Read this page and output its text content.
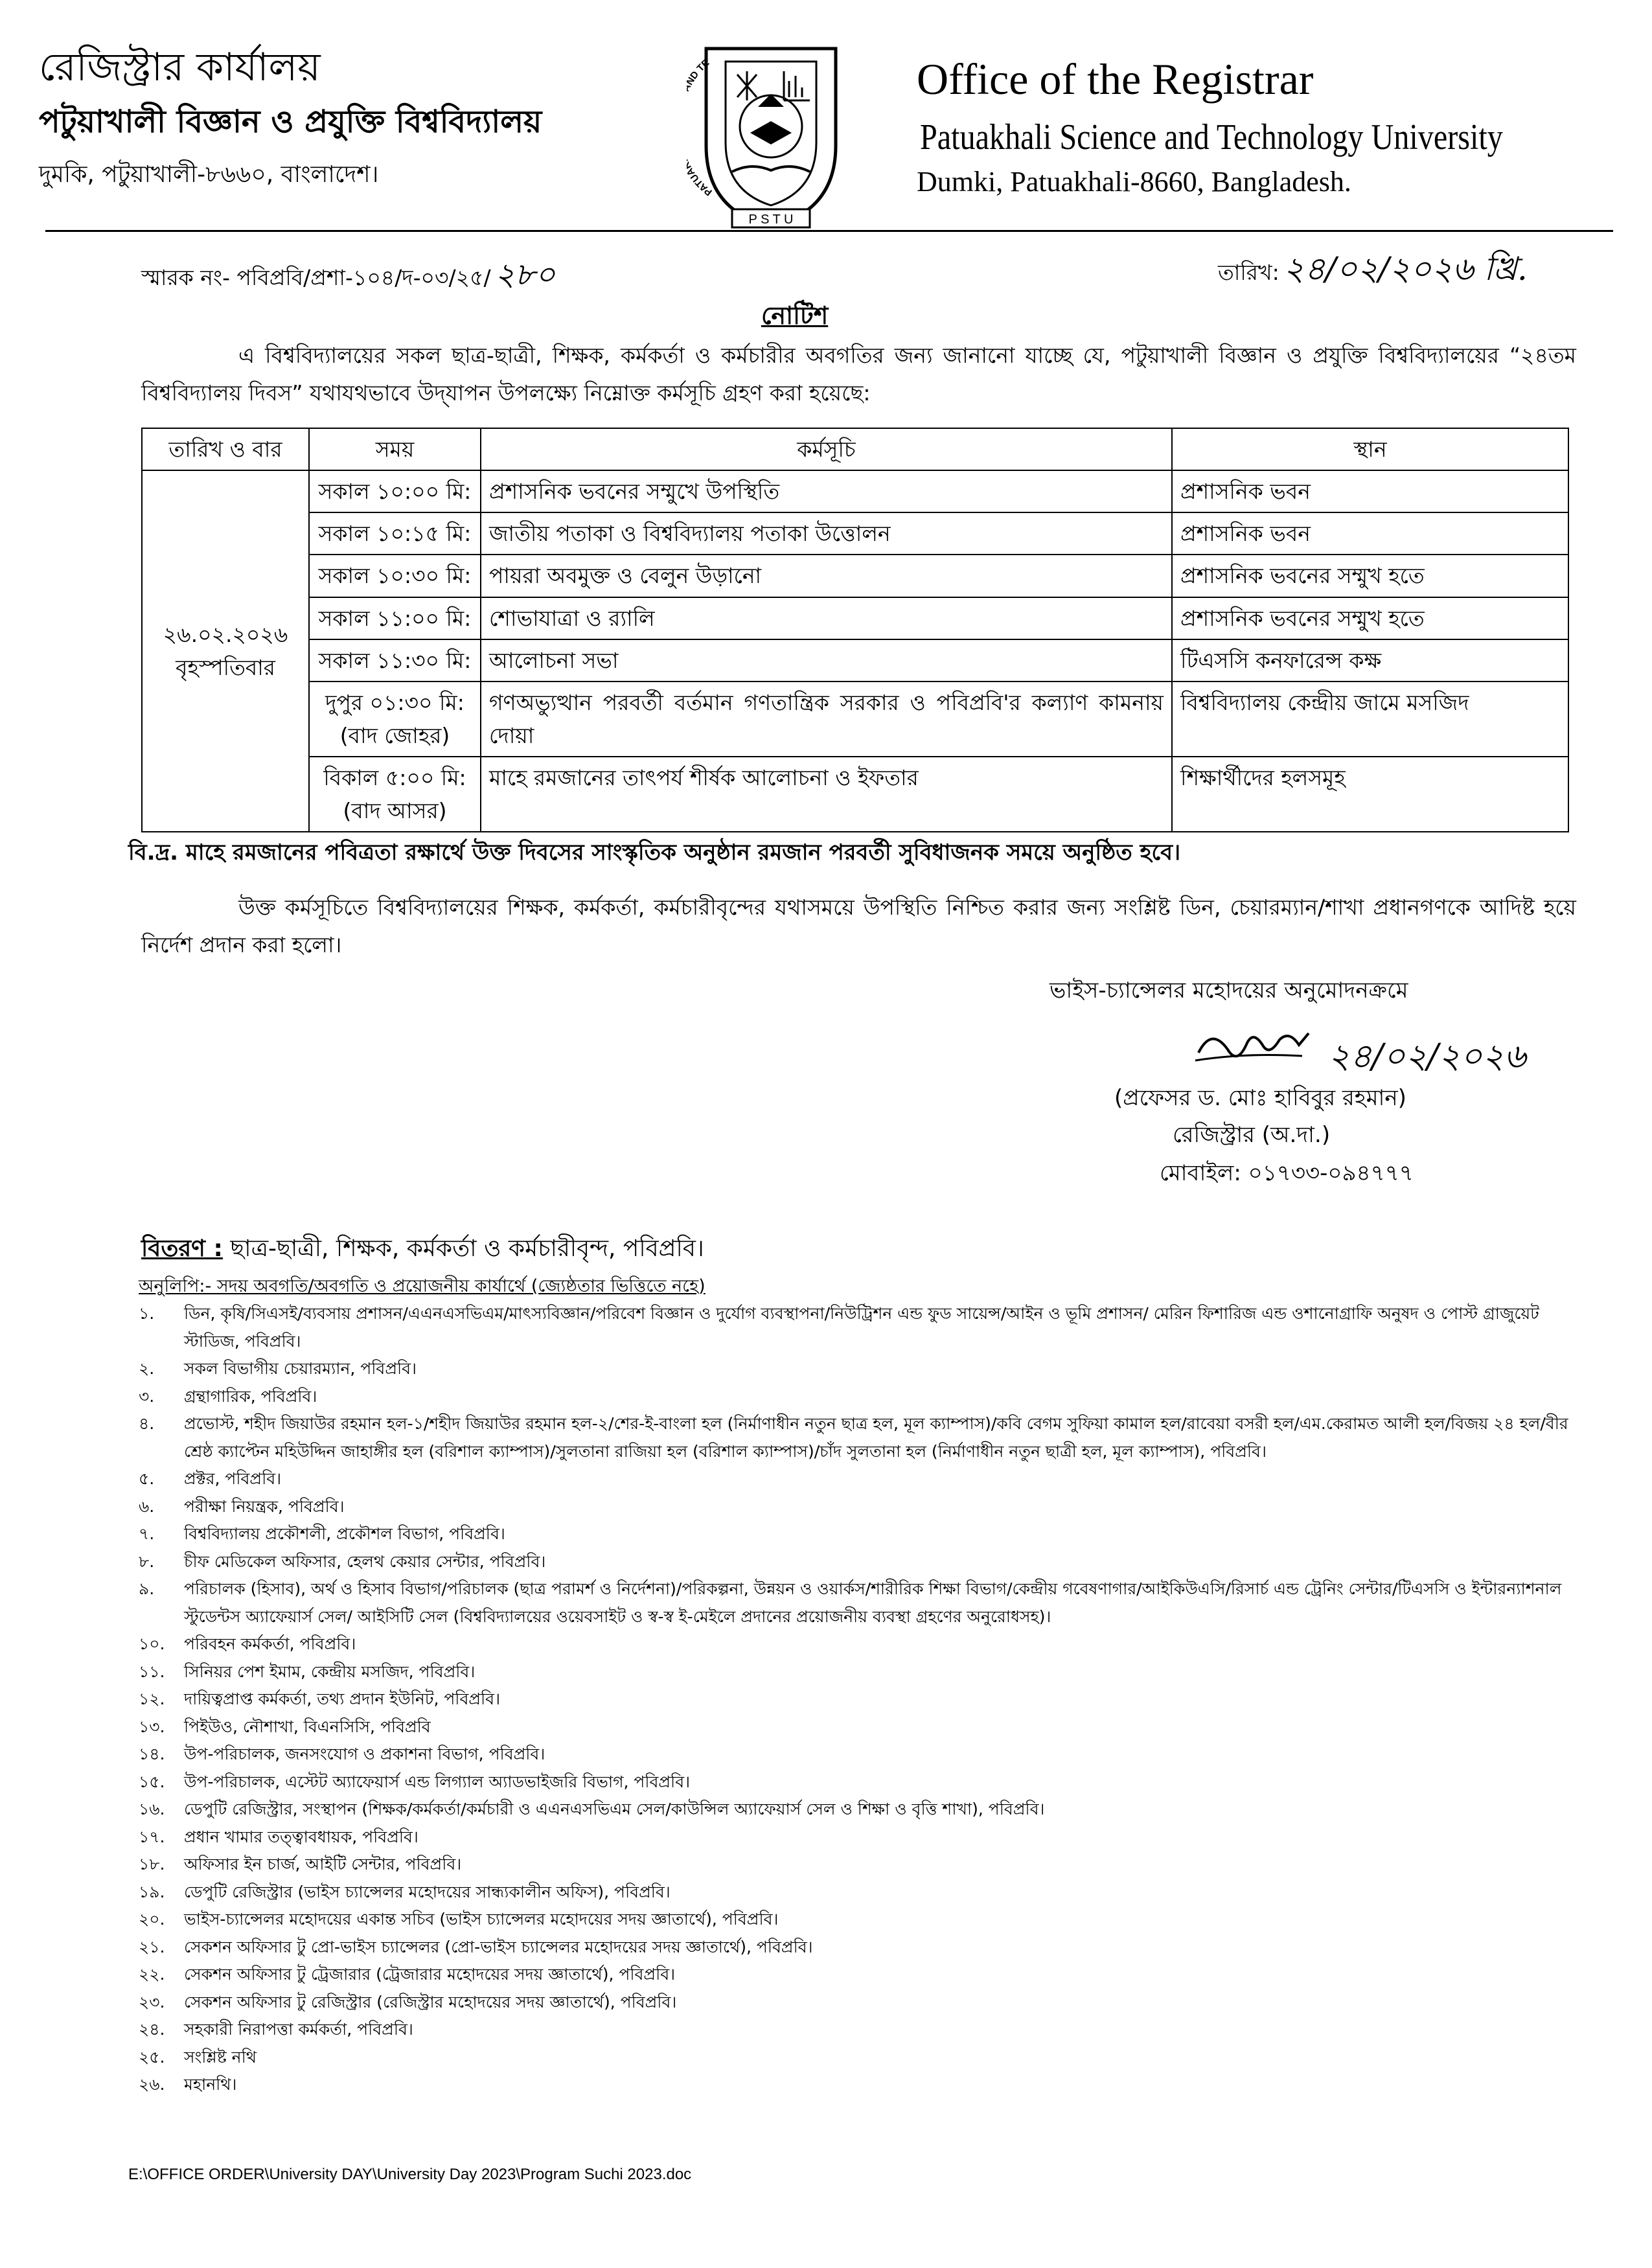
রেজিস্ট্রার কার্যালয়
পটুয়াখালী বিজ্ঞান ও প্রযুক্তি বিশ্ববিদ্যালয়
দুমকি, পটুয়াখালী-৮৬৬০, বাংলাদেশ।
P S T U
PATU D TE	Office of the Registrar
Patuakhali Science and Technology University
Dumki, Patuakhali-8660, Bangladesh.
স্মারক নং- পবিপ্রবি/প্রশা-১০৪/দ-০৩/২৫/ ২৮০	তারিখ: ২৪/০২/২০২৬ খ্রি.
নোটিশ
এ বিশ্ববিদ্যালয়ের সকল ছাত্র-ছাত্রী, শিক্ষক, কর্মকর্তা ও কর্মচারীর অবগতির জন্য জানানো যাচ্ছে যে, পটুয়াখালী বিজ্ঞান ও প্রযুক্তি বিশ্ববিদ্যালয়ের “২৪তম বিশ্ববিদ্যালয় দিবস” যথাযথভাবে উদ্‌যাপন উপলক্ষ্যে নিম্নোক্ত কর্মসূচি গ্রহণ করা হয়েছে:
তারিখ ও বার	সময়	কর্মসূচি	স্থান

২৬.০২.২০২৬
বৃহস্পতিবার	সকাল ১০:০০ মি:	প্রশাসনিক ভবনের সম্মুখে উপস্থিতি	প্রশাসনিক ভবন
	সকাল ১০:১৫ মি:	জাতীয় পতাকা ও বিশ্ববিদ্যালয় পতাকা উত্তোলন	প্রশাসনিক ভবন
	সকাল ১০:৩০ মি:	পায়রা অবমুক্ত ও বেলুন উড়ানো	প্রশাসনিক ভবনের সম্মুখ হতে
	সকাল ১১:০০ মি:	শোভাযাত্রা ও র‍্যালি	প্রশাসনিক ভবনের সম্মুখ হতে
	সকাল ১১:৩০ মি:	আলোচনা সভা	টিএসসি কনফারেন্স কক্ষ

	দুপুর ০১:৩০ মি:
(বাদ জোহর)	গণঅভ্যুত্থান পরবর্তী বর্তমান গণতান্ত্রিক সরকার ও পবিপ্রবি'র কল্যাণ কামনায় দোয়া	বিশ্ববিদ্যালয় কেন্দ্রীয় জামে মসজিদ

	বিকাল ৫:০০ মি:
(বাদ আসর)	মাহে রমজানের তাৎপর্য শীর্ষক আলোচনা ও ইফতার	শিক্ষার্থীদের হলসমূহ
বি.দ্র. মাহে রমজানের পবিত্রতা রক্ষার্থে উক্ত দিবসের সাংস্কৃতিক অনুষ্ঠান রমজান পরবর্তী সুবিধাজনক সময়ে অনুষ্ঠিত হবে।
উক্ত কর্মসূচিতে বিশ্ববিদ্যালয়ের শিক্ষক, কর্মকর্তা, কর্মচারীবৃন্দের যথাসময়ে উপস্থিতি নিশ্চিত করার জন্য সংশ্লিষ্ট ডিন, চেয়ারম্যান/শাখা প্রধানগণকে আদিষ্ট হয়ে নির্দেশ প্রদান করা হলো।
ভাইস-চ্যান্সেলর মহোদয়ের অনুমোদনক্রমে
২৪/০২/২০২৬
(প্রফেসর ড. মোঃ হাবিবুর রহমান)
রেজিস্ট্রার (অ.দা.)
মোবাইল: ০১৭৩৩-০৯৪৭৭৭
বিতরণ : ছাত্র-ছাত্রী, শিক্ষক, কর্মকর্তা ও কর্মচারীবৃন্দ, পবিপ্রবি।
অনুলিপি:- সদয় অবগতি/অবগতি ও প্রয়োজনীয় কার্যার্থে (জ্যেষ্ঠতার ভিত্তিতে নহে)
১. ডিন, কৃষি/সিএসই/ব্যবসায় প্রশাসন/এএনএসভিএম/মাৎস্যবিজ্ঞান/পরিবেশ বিজ্ঞান ও দুর্যোগ ব্যবস্থাপনা/নিউট্রিশন এন্ড ফুড সায়েন্স/আইন ও ভূমি প্রশাসন/ মেরিন ফিশারিজ এন্ড ওশানোগ্রাফি অনুষদ ও পোস্ট গ্রাজুয়েট স্টাডিজ, পবিপ্রবি।
২. সকল বিভাগীয় চেয়ারম্যান, পবিপ্রবি।
৩. গ্রন্থাগারিক, পবিপ্রবি।
৪. প্রভোস্ট, শহীদ জিয়াউর রহমান হল-১/শহীদ জিয়াউর রহমান হল-২/শের-ই-বাংলা হল (নির্মাণাধীন নতুন ছাত্র হল, মূল ক্যাম্পাস)/কবি বেগম সুফিয়া কামাল হল/রাবেয়া বসরী হল/এম.কেরামত আলী হল/বিজয় ২৪ হল/বীর শ্রেষ্ঠ ক্যাপ্টেন মহিউদ্দিন জাহাঙ্গীর হল (বরিশাল ক্যাম্পাস)/সুলতানা রাজিয়া হল (বরিশাল ক্যাম্পাস)/চাঁদ সুলতানা হল (নির্মাণাধীন নতুন ছাত্রী হল, মূল ক্যাম্পাস), পবিপ্রবি।
৫. প্রক্টর, পবিপ্রবি।
৬. পরীক্ষা নিয়ন্ত্রক, পবিপ্রবি।
৭. বিশ্ববিদ্যালয় প্রকৌশলী, প্রকৌশল বিভাগ, পবিপ্রবি।
৮. চীফ মেডিকেল অফিসার, হেলথ কেয়ার সেন্টার, পবিপ্রবি।
৯. পরিচালক (হিসাব), অর্থ ও হিসাব বিভাগ/পরিচালক (ছাত্র পরামর্শ ও নির্দেশনা)/পরিকল্পনা, উন্নয়ন ও ওয়ার্কস/শারীরিক শিক্ষা বিভাগ/কেন্দ্রীয় গবেষণাগার/আইকিউএসি/রিসার্চ এন্ড ট্রেনিং সেন্টার/টিএসসি ও ইন্টারন্যাশনাল স্টুডেন্টস অ্যাফেয়ার্স সেল/ আইসিটি সেল (বিশ্ববিদ্যালয়ের ওয়েবসাইট ও স্ব-স্ব ই-মেইলে প্রদানের প্রয়োজনীয় ব্যবস্থা গ্রহণের অনুরোধসহ)।
১০. পরিবহন কর্মকর্তা, পবিপ্রবি।
১১. সিনিয়র পেশ ইমাম, কেন্দ্রীয় মসজিদ, পবিপ্রবি।
১২. দায়িত্বপ্রাপ্ত কর্মকর্তা, তথ্য প্রদান ইউনিট, পবিপ্রবি।
১৩. পিইউও, নৌশাখা, বিএনসিসি, পবিপ্রবি
১৪. উপ-পরিচালক, জনসংযোগ ও প্রকাশনা বিভাগ, পবিপ্রবি।
১৫. উপ-পরিচালক, এস্টেট অ্যাফেয়ার্স এন্ড লিগ্যাল অ্যাডভাইজরি বিভাগ, পবিপ্রবি।
১৬. ডেপুটি রেজিস্ট্রার, সংস্থাপন (শিক্ষক/কর্মকর্তা/কর্মচারী ও এএনএসভিএম সেল/কাউন্সিল অ্যাফেয়ার্স সেল ও শিক্ষা ও বৃত্তি শাখা), পবিপ্রবি।
১৭. প্রধান খামার তত্ত্বাবধায়ক, পবিপ্রবি।
১৮. অফিসার ইন চার্জ, আইটি সেন্টার, পবিপ্রবি।
১৯. ডেপুটি রেজিস্ট্রার (ভাইস চ্যান্সেলর মহোদয়ের সান্ধ্যকালীন অফিস), পবিপ্রবি।
২০. ভাইস-চ্যান্সেলর মহোদয়ের একান্ত সচিব (ভাইস চ্যান্সেলর মহোদয়ের সদয় জ্ঞাতার্থে), পবিপ্রবি।
২১. সেকশন অফিসার টু প্রো-ভাইস চ্যান্সেলর (প্রো-ভাইস চ্যান্সেলর মহোদয়ের সদয় জ্ঞাতার্থে), পবিপ্রবি।
২২. সেকশন অফিসার টু ট্রেজারার (ট্রেজারার মহোদয়ের সদয় জ্ঞাতার্থে), পবিপ্রবি।
২৩. সেকশন অফিসার টু রেজিস্ট্রার (রেজিস্ট্রার মহোদয়ের সদয় জ্ঞাতার্থে), পবিপ্রবি।
২৪. সহকারী নিরাপত্তা কর্মকর্তা, পবিপ্রবি।
২৫. সংশ্লিষ্ট নথি
২৬. মহানথি।
E:\OFFICE ORDER\University DAY\University Day 2023\Program Suchi 2023.doc
